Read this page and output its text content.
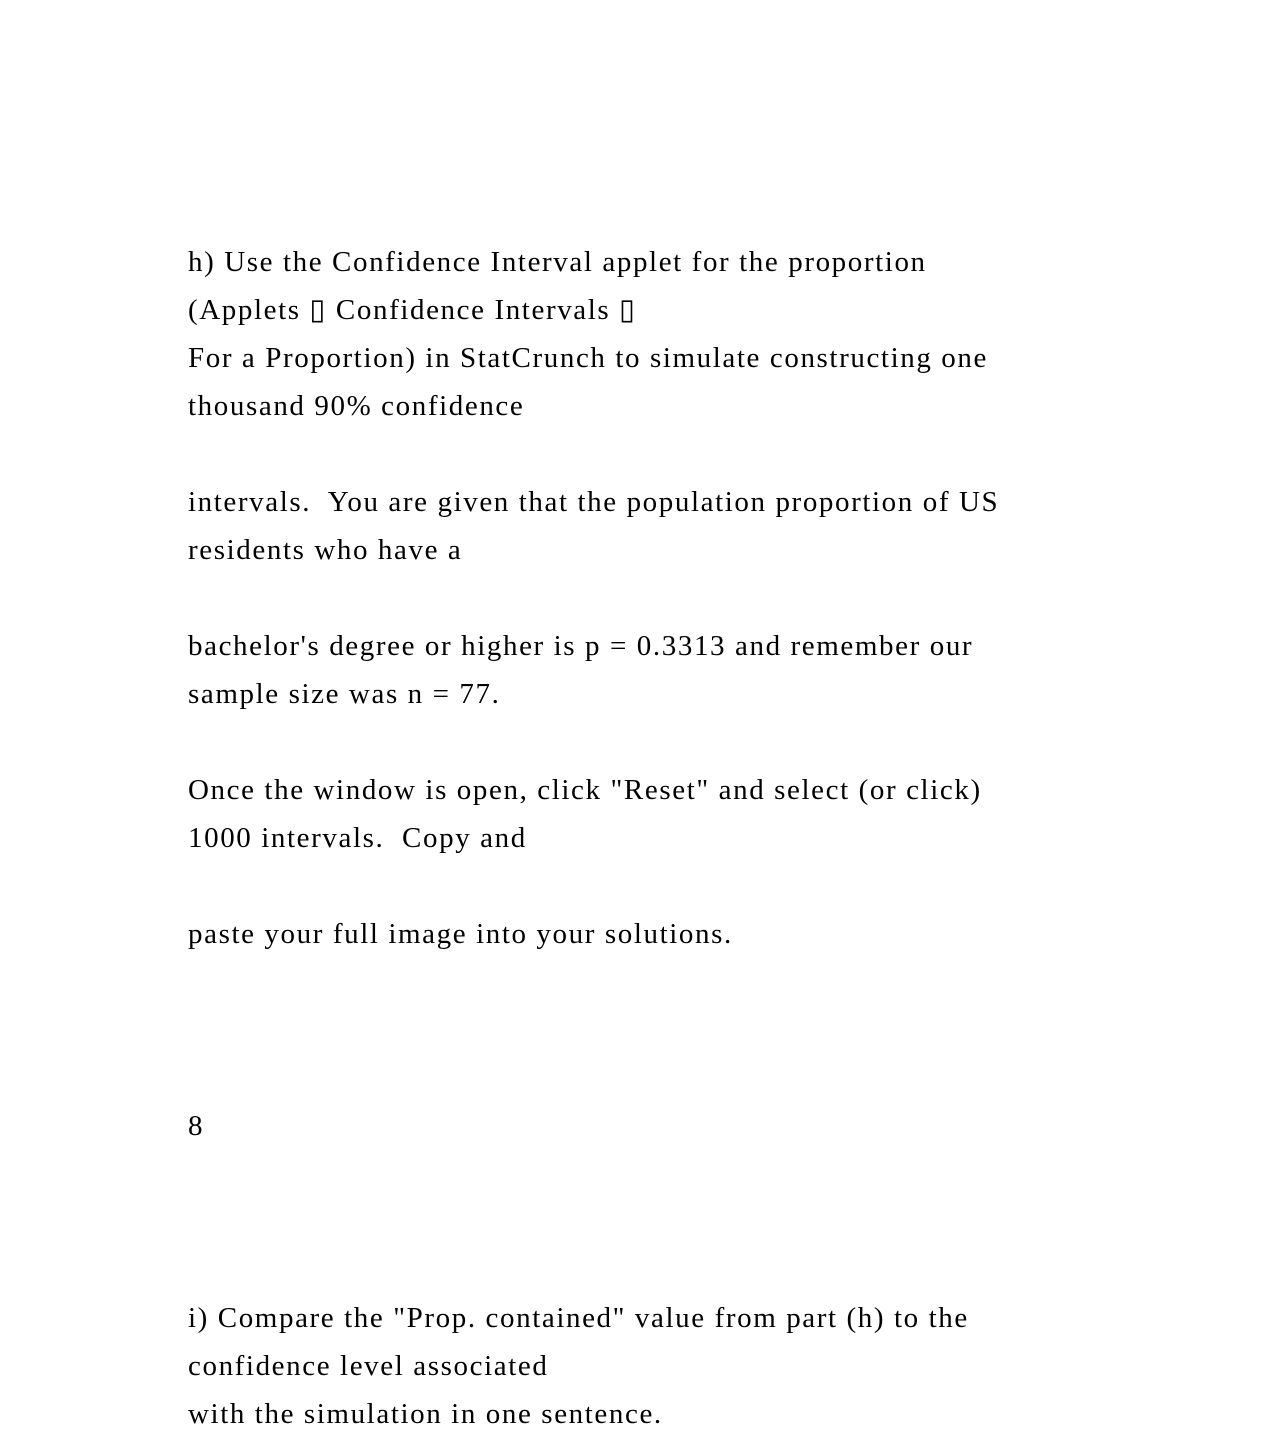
h) Use the Confidence Interval applet for the proportion

(Applets ▯ Confidence Intervals ▯

For a Proportion) in StatCrunch to simulate constructing one

thousand 90% confidence

intervals.  You are given that the population proportion of US

residents who have a

bachelor's degree or higher is p = 0.3313 and remember our

sample size was n = 77.

Once the window is open, click "Reset" and select (or click)

1000 intervals.  Copy and

paste your full image into your solutions.

8

i) Compare the "Prop. contained" value from part (h) to the

confidence level associated

with the simulation in one sentence.
